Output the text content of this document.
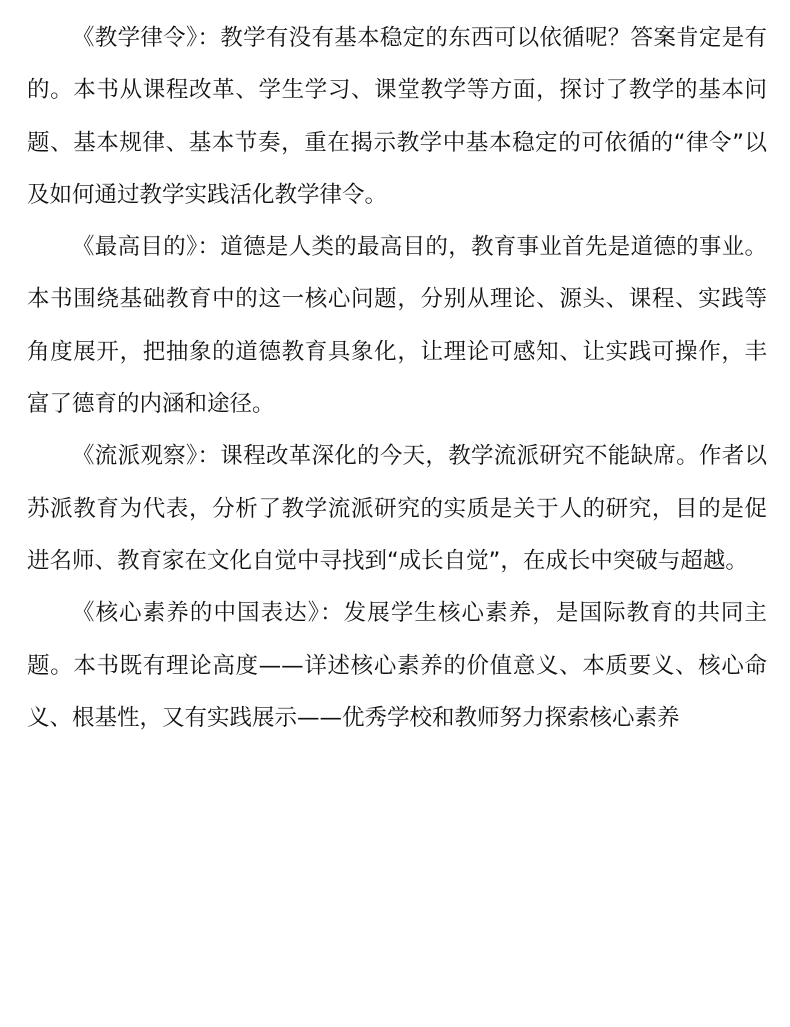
《教学律令》：教学有没有基本稳定的东西可以依循呢？答案肯定是有的。本书从课程改革、学生学习、课堂教学等方面，探讨了教学的基本问题、基本规律、基本节奏，重在揭示教学中基本稳定的可依循的“律令”以及如何通过教学实践活化教学律令。

《最高目的》：道德是人类的最高目的，教育事业首先是道德的事业。本书围绕基础教育中的这一核心问题，分别从理论、源头、课程、实践等角度展开，把抽象的道德教育具象化，让理论可感知、让实践可操作，丰富了德育的内涵和途径。

《流派观察》：课程改革深化的今天，教学流派研究不能缺席。作者以苏派教育为代表，分析了教学流派研究的实质是关于人的研究，目的是促进名师、教育家在文化自觉中寻找到“成长自觉”，在成长中突破与超越。

《核心素养的中国表达》：发展学生核心素养，是国际教育的共同主题。本书既有理论高度——详述核心素养的价值意义、本质要义、核心命义、根基性，又有实践展示——优秀学校和教师努力探索核心素养
